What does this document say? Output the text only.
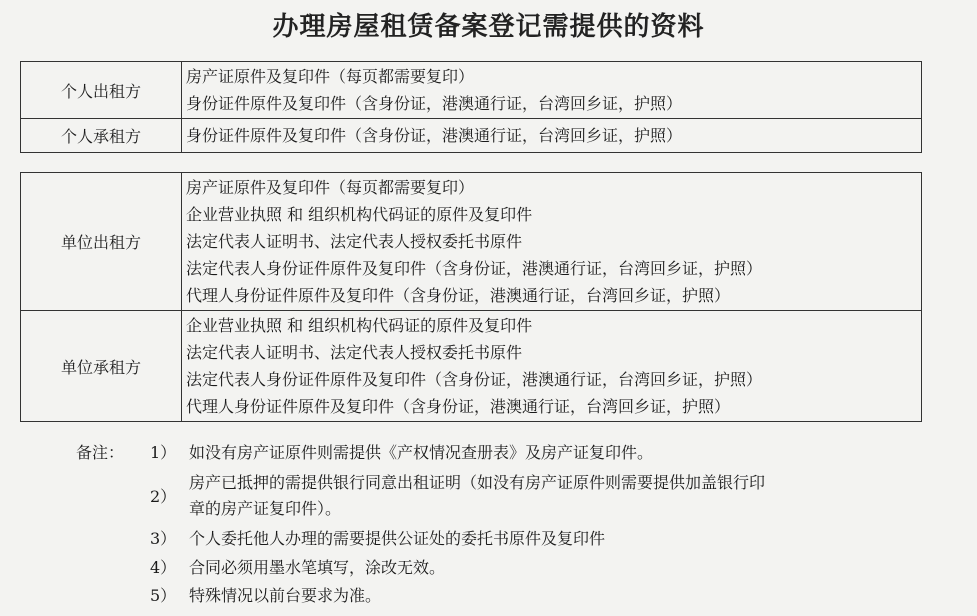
办理房屋租赁备案登记需提供的资料
个人出租方	房产证原件及复印件（每页都需要复印）
身份证件原件及复印件（含身份证，港澳通行证，台湾回乡证，护照）

个人承租方	身份证件原件及复印件（含身份证，港澳通行证，台湾回乡证，护照）
单位出租方	房产证原件及复印件（每页都需要复印）
企业营业执照 和 组织机构代码证的原件及复印件
法定代表人证明书、法定代表人授权委托书原件
法定代表人身份证件原件及复印件（含身份证，港澳通行证，台湾回乡证，护照）
代理人身份证件原件及复印件（含身份证，港澳通行证，台湾回乡证，护照）

单位承租方	企业营业执照 和 组织机构代码证的原件及复印件
法定代表人证明书、法定代表人授权委托书原件
法定代表人身份证件原件及复印件（含身份证，港澳通行证，台湾回乡证，护照）
代理人身份证件原件及复印件（含身份证，港澳通行证，台湾回乡证，护照）
备注： 1） 如没有房产证原件则需提供《产权情况查册表》及房产证复印件。
2）
房产已抵押的需提供银行同意出租证明（如没有房产证原件则需要提供加盖银行印
章的房产证复印件）。
3） 个人委托他人办理的需要提供公证处的委托书原件及复印件
4） 合同必须用墨水笔填写，涂改无效。
5） 特殊情况以前台要求为准。
